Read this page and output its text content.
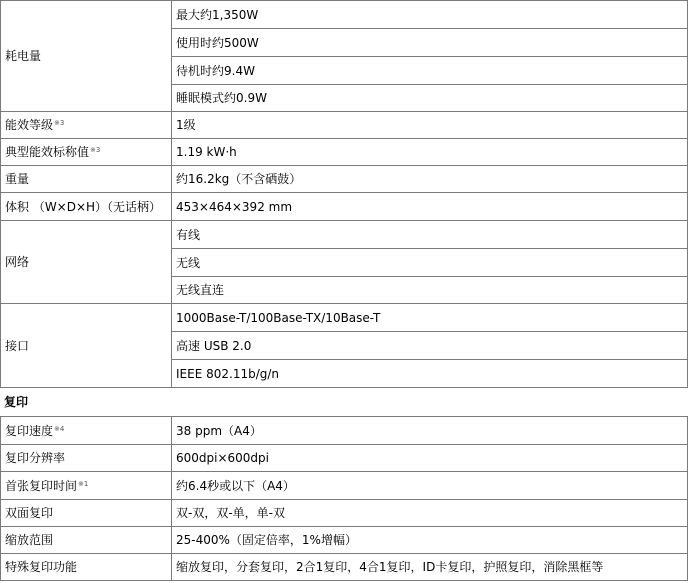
耗电量	最大约1,350W
	使用时约500W
	待机时约9.4W
	睡眠模式约0.9W
能效等级$^{※3}$	1级
典型能效标称值$^{※3}$	1.19 kW·h
重量	约16.2kg（不含硒鼓）
体积 （W×D×H）（无话柄）	453×464×392 mm
网络	有线
	无线
	无线直连
接口	1000Base-T/100Base-TX/10Base-T
	高速 USB 2.0
	IEEE 802.11b/g/n
复印
复印速度$^{※4}$	38 ppm（A4）
复印分辨率	600dpi×600dpi
首张复印时间$^{※1}$	约6.4秒或以下（A4）
双面复印	双-双，双-单，单-双
缩放范围	25-400%（固定倍率，1%增幅）
特殊复印功能	缩放复印，分套复印，2合1复印，4合1复印，ID卡复印，护照复印，消除黑框等
